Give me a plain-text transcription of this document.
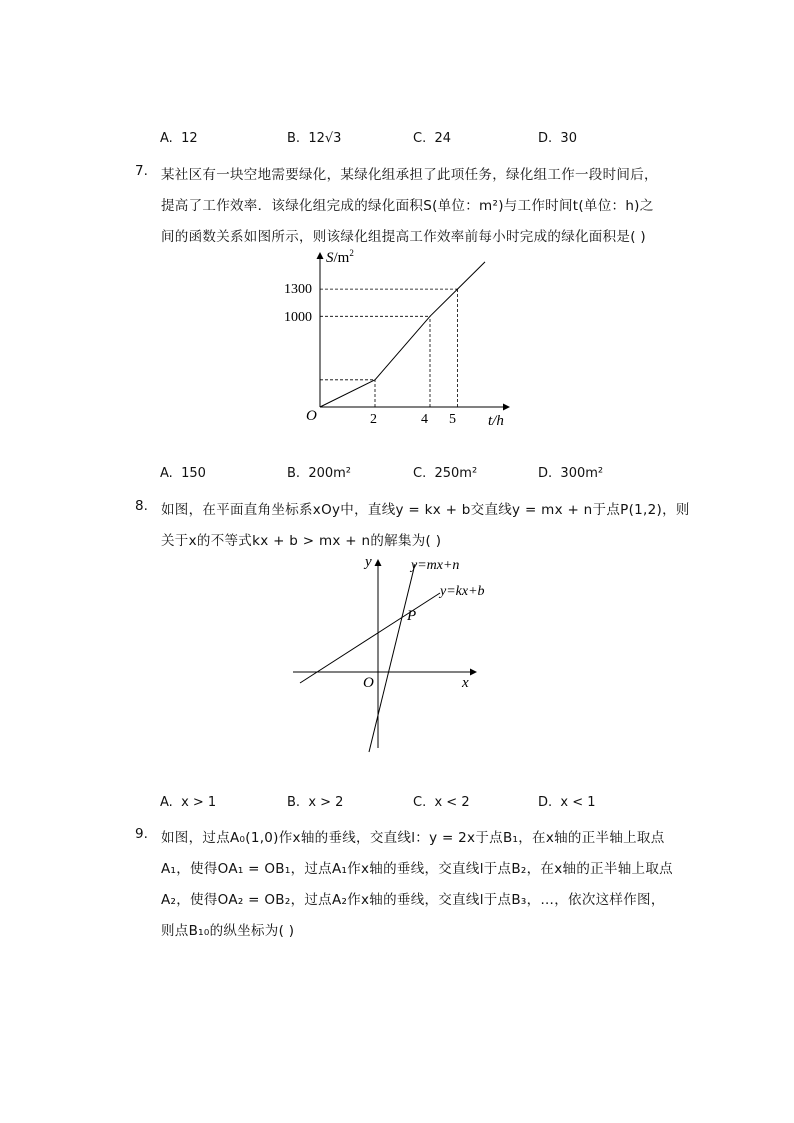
A. 12	B. 12√3	C. 24	D. 30
7. 某社区有一块空地需要绿化，某绿化组承担了此项任务，绿化组工作一段时间后，
提高了工作效率．该绿化组完成的绿化面积S(单位：m²)与工作时间t(单位：h)之
间的函数关系如图所示，则该绿化组提高工作效率前每小时完成的绿化面积是( )
$S/m^2$
t/h
O
1300
1000
2	4 5
A. 150	B. 200m²	C. 250m²	D. 300m²
8. 如图，在平面直角坐标系xOy中，直线y = kx + b交直线y = mx + n于点P(1,2)，则
关于x的不等式kx + b > mx + n的解集为( )
y
x
O
P
y=mx+n
y=kx+b
A. x > 1	B. x > 2	C. x < 2	D. x < 1
9. 如图，过点A₀(1,0)作x轴的垂线，交直线l：y = 2x于点B₁，在x轴的正半轴上取点
A₁，使得OA₁ = OB₁，过点A₁作x轴的垂线，交直线l于点B₂，在x轴的正半轴上取点
A₂，使得OA₂ = OB₂，过点A₂作x轴的垂线，交直线l于点B₃，…，依次这样作图，
则点B₁₀的纵坐标为( )
